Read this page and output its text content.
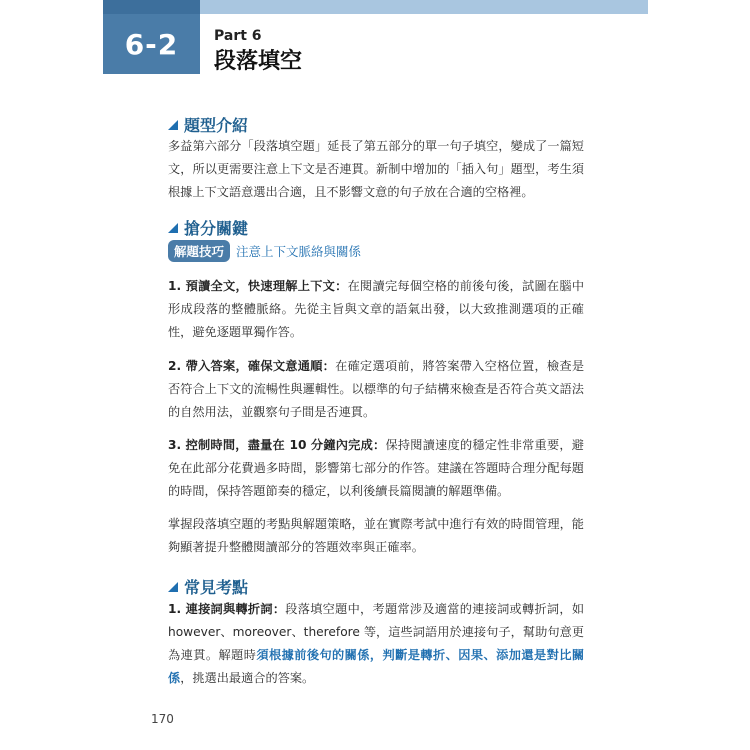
6-2	Part 6
段落填空
題型介紹
多益第六部分「段落填空題」延長了第五部分的單一句子填空，變成了一篇短文，所以更需要注意上下文是否連貫。新制中增加的「插入句」題型，考生須根據上下文語意選出合適，且不影響文意的句子放在合適的空格裡。
搶分關鍵
解題技巧 注意上下文脈絡與關係
1. 預讀全文，快速理解上下文：在閱讀完每個空格的前後句後，試圖在腦中形成段落的整體脈絡。先從主旨與文章的語氣出發，以大致推測選項的正確性，避免逐題單獨作答。
2. 帶入答案，確保文意通順：在確定選項前，將答案帶入空格位置，檢查是否符合上下文的流暢性與邏輯性。以標準的句子結構來檢查是否符合英文語法的自然用法，並觀察句子間是否連貫。
3. 控制時間，盡量在 10 分鐘內完成：保持閱讀速度的穩定性非常重要，避免在此部分花費過多時間，影響第七部分的作答。建議在答題時合理分配每題的時間，保持答題節奏的穩定，以利後續長篇閱讀的解題準備。
掌握段落填空題的考點與解題策略，並在實際考試中進行有效的時間管理，能夠顯著提升整體閱讀部分的答題效率與正確率。
常見考點
1. 連接詞與轉折詞：段落填空題中，考題常涉及適當的連接詞或轉折詞，如 however、moreover、therefore 等，這些詞語用於連接句子，幫助句意更為連貫。解題時須根據前後句的關係，判斷是轉折、因果、添加還是對比關係，挑選出最適合的答案。
170
